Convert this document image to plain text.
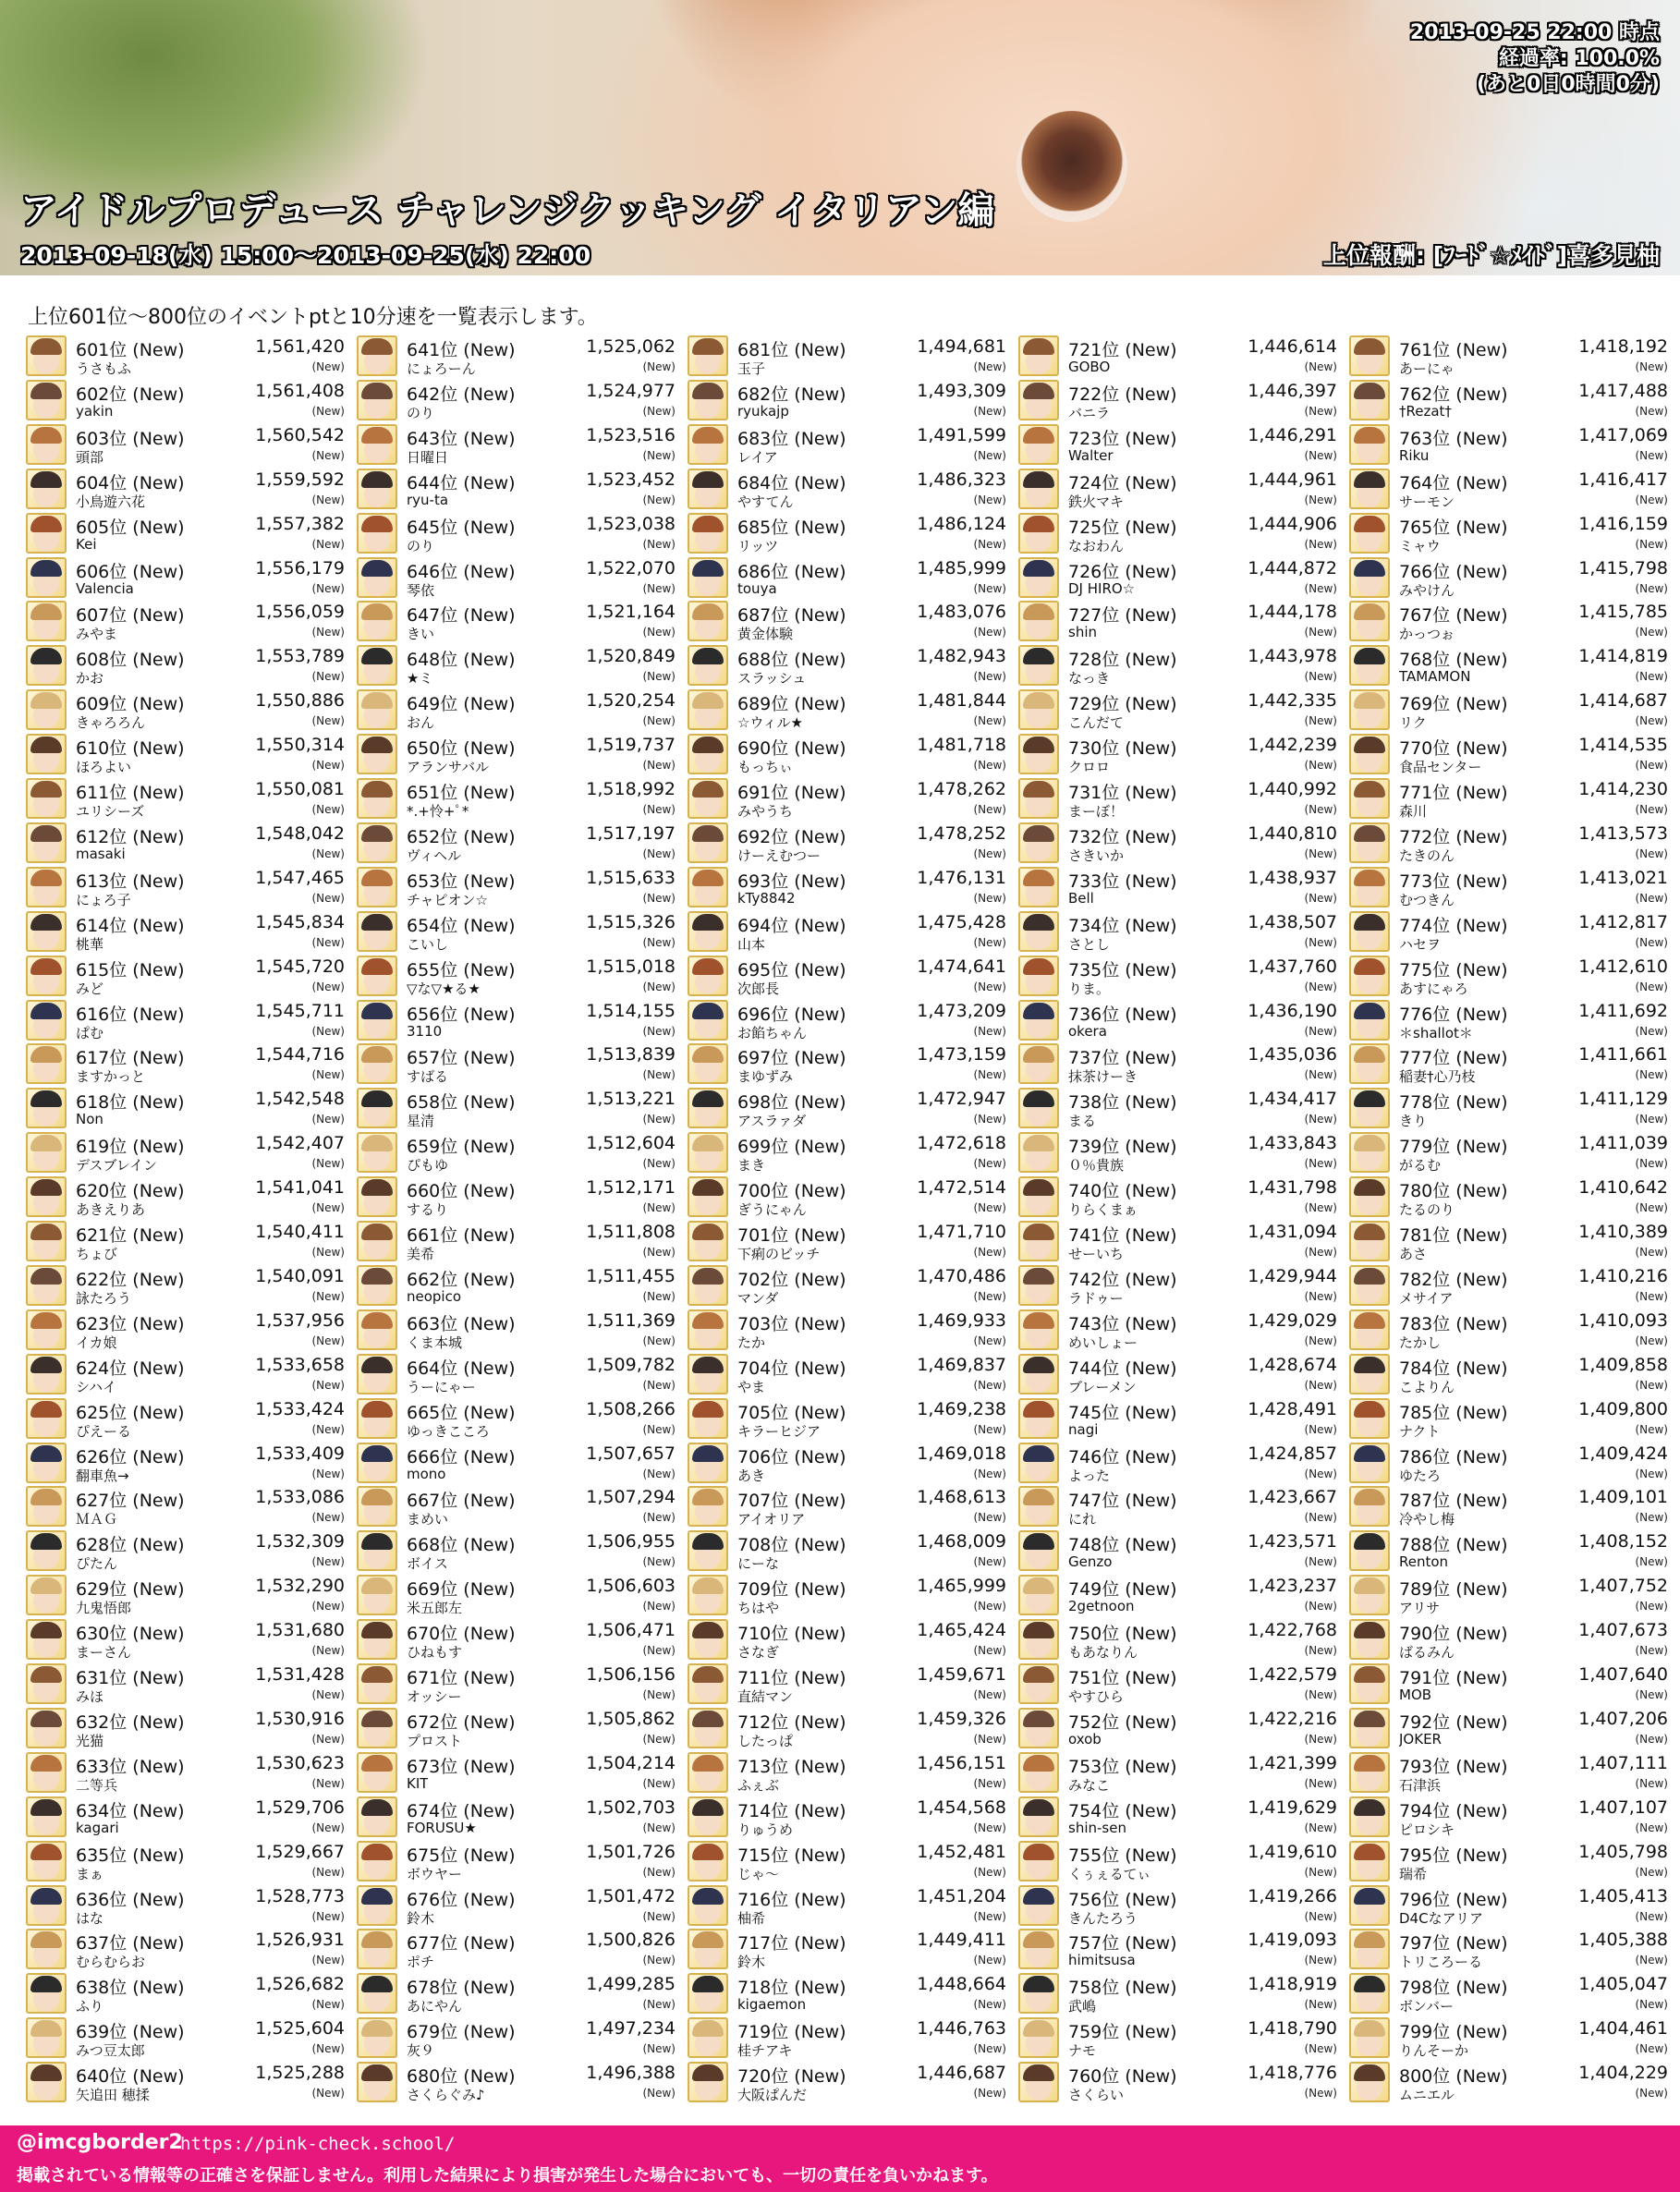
2013-09-25 22:00 時点
経過率: 100.0%
(あと0日0時間0分)
アイドルプロデュース チャレンジクッキング イタリアン編
2013-09-18(水) 15:00〜2013-09-25(水) 22:00	上位報酬: [ﾌｰﾄﾞ☆ﾒｲﾄﾞ]喜多見柚
上位601位〜800位のイベントptと10分速を一覧表示します。
601位 (New)
うさもふ
1,561,420
(New)
602位 (New)
yakin
1,561,408
(New)
603位 (New)
頭部
1,560,542
(New)
604位 (New)
小鳥遊六花
1,559,592
(New)
605位 (New)
Kei
1,557,382
(New)
606位 (New)
Valencia
1,556,179
(New)
607位 (New)
みやま
1,556,059
(New)
608位 (New)
かお
1,553,789
(New)
609位 (New)
きゃろろん
1,550,886
(New)
610位 (New)
ほろよい
1,550,314
(New)
611位 (New)
ユリシーズ
1,550,081
(New)
612位 (New)
masaki
1,548,042
(New)
613位 (New)
にょろ子
1,547,465
(New)
614位 (New)
桃華
1,545,834
(New)
615位 (New)
みど
1,545,720
(New)
616位 (New)
ぱむ
1,545,711
(New)
617位 (New)
ますかっと
1,544,716
(New)
618位 (New)
Non
1,542,548
(New)
619位 (New)
デスブレイン
1,542,407
(New)
620位 (New)
あきえりあ
1,541,041
(New)
621位 (New)
ちょび
1,540,411
(New)
622位 (New)
詠たろう
1,540,091
(New)
623位 (New)
イカ娘
1,537,956
(New)
624位 (New)
シハイ
1,533,658
(New)
625位 (New)
ぴえーる
1,533,424
(New)
626位 (New)
翻車魚→
1,533,409
(New)
627位 (New)
ＭＡＧ
1,533,086
(New)
628位 (New)
ぴたん
1,532,309
(New)
629位 (New)
九鬼悟郎
1,532,290
(New)
630位 (New)
まーさん
1,531,680
(New)
631位 (New)
みほ
1,531,428
(New)
632位 (New)
光猫
1,530,916
(New)
633位 (New)
二等兵
1,530,623
(New)
634位 (New)
kagari
1,529,706
(New)
635位 (New)
まぁ
1,529,667
(New)
636位 (New)
はな
1,528,773
(New)
637位 (New)
むらむらお
1,526,931
(New)
638位 (New)
ふり
1,526,682
(New)
639位 (New)
みつ豆太郎
1,525,604
(New)
640位 (New)
矢追田 穂揉
1,525,288
(New)
641位 (New)
にょろーん
1,525,062
(New)
642位 (New)
のり
1,524,977
(New)
643位 (New)
日曜日
1,523,516
(New)
644位 (New)
ryu-ta
1,523,452
(New)
645位 (New)
のり
1,523,038
(New)
646位 (New)
琴依
1,522,070
(New)
647位 (New)
きい
1,521,164
(New)
648位 (New)
★ミ
1,520,849
(New)
649位 (New)
おん
1,520,254
(New)
650位 (New)
アランサバル
1,519,737
(New)
651位 (New)
*.+怜+ﾟ*
1,518,992
(New)
652位 (New)
ヴィヘル
1,517,197
(New)
653位 (New)
チャピオン☆
1,515,633
(New)
654位 (New)
こいし
1,515,326
(New)
655位 (New)
▽な▽★る★
1,515,018
(New)
656位 (New)
3110
1,514,155
(New)
657位 (New)
すばる
1,513,839
(New)
658位 (New)
星清
1,513,221
(New)
659位 (New)
ぴもゆ
1,512,604
(New)
660位 (New)
するり
1,512,171
(New)
661位 (New)
美希
1,511,808
(New)
662位 (New)
neopico
1,511,455
(New)
663位 (New)
くま本城
1,511,369
(New)
664位 (New)
うーにゃー
1,509,782
(New)
665位 (New)
ゆっきこころ
1,508,266
(New)
666位 (New)
mono
1,507,657
(New)
667位 (New)
まめい
1,507,294
(New)
668位 (New)
ボイス
1,506,955
(New)
669位 (New)
米五郎左
1,506,603
(New)
670位 (New)
ひねもす
1,506,471
(New)
671位 (New)
オッシー
1,506,156
(New)
672位 (New)
プロスト
1,505,862
(New)
673位 (New)
KIT
1,504,214
(New)
674位 (New)
FORUSU★
1,502,703
(New)
675位 (New)
ボウヤー
1,501,726
(New)
676位 (New)
鈴木
1,501,472
(New)
677位 (New)
ポチ
1,500,826
(New)
678位 (New)
あにやん
1,499,285
(New)
679位 (New)
灰９
1,497,234
(New)
680位 (New)
さくらぐみ♪
1,496,388
(New)
681位 (New)
玉子
1,494,681
(New)
682位 (New)
ryukajp
1,493,309
(New)
683位 (New)
レイア
1,491,599
(New)
684位 (New)
やすてん
1,486,323
(New)
685位 (New)
リッツ
1,486,124
(New)
686位 (New)
touya
1,485,999
(New)
687位 (New)
黄金体験
1,483,076
(New)
688位 (New)
スラッシュ
1,482,943
(New)
689位 (New)
☆ウィル★
1,481,844
(New)
690位 (New)
もっちぃ
1,481,718
(New)
691位 (New)
みやうち
1,478,262
(New)
692位 (New)
けーえむつー
1,478,252
(New)
693位 (New)
kTy8842
1,476,131
(New)
694位 (New)
山本
1,475,428
(New)
695位 (New)
次郎長
1,474,641
(New)
696位 (New)
お餡ちゃん
1,473,209
(New)
697位 (New)
まゆずみ
1,473,159
(New)
698位 (New)
アスラァダ
1,472,947
(New)
699位 (New)
まき
1,472,618
(New)
700位 (New)
ぎうにゃん
1,472,514
(New)
701位 (New)
下痢のビッチ
1,471,710
(New)
702位 (New)
マンダ
1,470,486
(New)
703位 (New)
たか
1,469,933
(New)
704位 (New)
やま
1,469,837
(New)
705位 (New)
キラーヒジア
1,469,238
(New)
706位 (New)
あき
1,469,018
(New)
707位 (New)
アイオリア
1,468,613
(New)
708位 (New)
にーな
1,468,009
(New)
709位 (New)
ちはや
1,465,999
(New)
710位 (New)
さなぎ
1,465,424
(New)
711位 (New)
直結マン
1,459,671
(New)
712位 (New)
したっぱ
1,459,326
(New)
713位 (New)
ふぇぶ
1,456,151
(New)
714位 (New)
りゅうめ
1,454,568
(New)
715位 (New)
じゃ〜
1,452,481
(New)
716位 (New)
柚希
1,451,204
(New)
717位 (New)
鈴木
1,449,411
(New)
718位 (New)
kigaemon
1,448,664
(New)
719位 (New)
桂チアキ
1,446,763
(New)
720位 (New)
大阪ぱんだ
1,446,687
(New)
721位 (New)
GOBO
1,446,614
(New)
722位 (New)
バニラ
1,446,397
(New)
723位 (New)
Walter
1,446,291
(New)
724位 (New)
鉄火マキ
1,444,961
(New)
725位 (New)
なおわん
1,444,906
(New)
726位 (New)
DJ HIRO☆
1,444,872
(New)
727位 (New)
shin
1,444,178
(New)
728位 (New)
なっき
1,443,978
(New)
729位 (New)
こんだて
1,442,335
(New)
730位 (New)
クロロ
1,442,239
(New)
731位 (New)
まーぼ！
1,440,992
(New)
732位 (New)
さきいか
1,440,810
(New)
733位 (New)
Bell
1,438,937
(New)
734位 (New)
さとし
1,438,507
(New)
735位 (New)
りま。
1,437,760
(New)
736位 (New)
okera
1,436,190
(New)
737位 (New)
抹茶けーき
1,435,036
(New)
738位 (New)
まる
1,434,417
(New)
739位 (New)
０％貴族
1,433,843
(New)
740位 (New)
りらくまぁ
1,431,798
(New)
741位 (New)
せーいち
1,431,094
(New)
742位 (New)
ラドゥー
1,429,944
(New)
743位 (New)
めいしょー
1,429,029
(New)
744位 (New)
ブレーメン
1,428,674
(New)
745位 (New)
nagi
1,428,491
(New)
746位 (New)
よった
1,424,857
(New)
747位 (New)
にれ
1,423,667
(New)
748位 (New)
Genzo
1,423,571
(New)
749位 (New)
2getnoon
1,423,237
(New)
750位 (New)
もあなりん
1,422,768
(New)
751位 (New)
やすひら
1,422,579
(New)
752位 (New)
oxob
1,422,216
(New)
753位 (New)
みなこ
1,421,399
(New)
754位 (New)
shin-sen
1,419,629
(New)
755位 (New)
くぅぇるてぃ
1,419,610
(New)
756位 (New)
きんたろう
1,419,266
(New)
757位 (New)
himitsusa
1,419,093
(New)
758位 (New)
武嶋
1,418,919
(New)
759位 (New)
ナモ
1,418,790
(New)
760位 (New)
さくらい
1,418,776
(New)
761位 (New)
あーにゃ
1,418,192
(New)
762位 (New)
†Rezat†
1,417,488
(New)
763位 (New)
Riku
1,417,069
(New)
764位 (New)
サーモン
1,416,417
(New)
765位 (New)
ミャウ
1,416,159
(New)
766位 (New)
みやけん
1,415,798
(New)
767位 (New)
かっつぉ
1,415,785
(New)
768位 (New)
TAMAMON
1,414,819
(New)
769位 (New)
リク
1,414,687
(New)
770位 (New)
食品センター
1,414,535
(New)
771位 (New)
森川
1,414,230
(New)
772位 (New)
たきのん
1,413,573
(New)
773位 (New)
むつきん
1,413,021
(New)
774位 (New)
ハセヲ
1,412,817
(New)
775位 (New)
あすにゃろ
1,412,610
(New)
776位 (New)
＊shallot＊
1,411,692
(New)
777位 (New)
稲妻†心乃枝
1,411,661
(New)
778位 (New)
きり
1,411,129
(New)
779位 (New)
がるむ
1,411,039
(New)
780位 (New)
たるのり
1,410,642
(New)
781位 (New)
あさ
1,410,389
(New)
782位 (New)
メサイア
1,410,216
(New)
783位 (New)
たかし
1,410,093
(New)
784位 (New)
こよりん
1,409,858
(New)
785位 (New)
ナクト
1,409,800
(New)
786位 (New)
ゆたろ
1,409,424
(New)
787位 (New)
冷やし梅
1,409,101
(New)
788位 (New)
Renton
1,408,152
(New)
789位 (New)
アリサ
1,407,752
(New)
790位 (New)
ばるみん
1,407,673
(New)
791位 (New)
MOB
1,407,640
(New)
792位 (New)
JOKER
1,407,206
(New)
793位 (New)
石津浜
1,407,111
(New)
794位 (New)
ピロシキ
1,407,107
(New)
795位 (New)
瑞希
1,405,798
(New)
796位 (New)
D4Cなアリア
1,405,413
(New)
797位 (New)
トリころーる
1,405,388
(New)
798位 (New)
ボンバー
1,405,047
(New)
799位 (New)
りんそーか
1,404,461
(New)
800位 (New)
ムニエル
1,404,229
(New)
@imcgborder2
https://pink-check.school/
掲載されている情報等の正確さを保証しません。利用した結果により損害が発生した場合においても、一切の責任を負いかねます。
